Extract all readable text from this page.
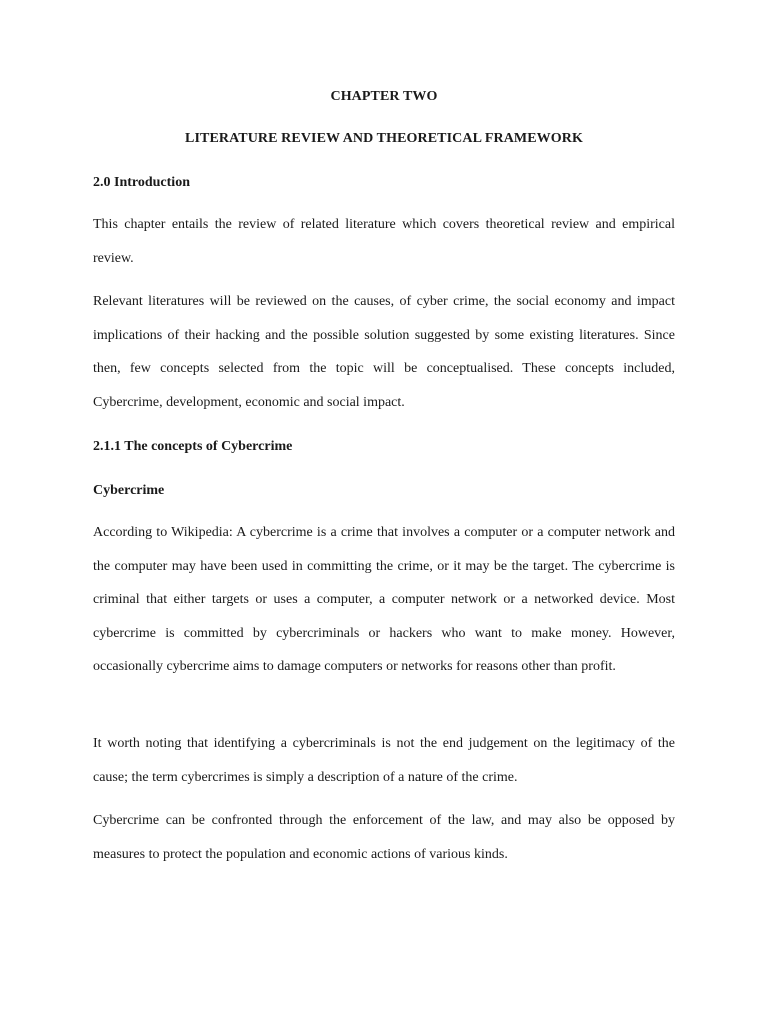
CHAPTER TWO
LITERATURE REVIEW AND THEORETICAL FRAMEWORK
2.0 Introduction
This chapter entails the review of related literature which covers theoretical review and empirical review.
Relevant literatures will be reviewed on the causes, of cyber crime, the social economy and impact implications of their hacking and the possible solution suggested by some existing literatures. Since then, few concepts selected from the topic will be conceptualised. These concepts included, Cybercrime, development, economic and social impact.
2.1.1 The concepts of Cybercrime
Cybercrime
According to Wikipedia: A cybercrime is a crime that involves a computer or a computer network and the computer may have been used in committing the crime, or it may be the target. The cybercrime is criminal that either targets or uses a computer, a computer network or a networked device. Most cybercrime is committed by cybercriminals or hackers who want to make money. However, occasionally cybercrime aims to damage computers or networks for reasons other than profit.
It worth noting that identifying a cybercriminals is not the end judgement on the legitimacy of the cause; the term cybercrimes is simply a description of a nature of the crime.
Cybercrime can be confronted through the enforcement of the law, and may also be opposed by measures to protect the population and economic actions of various kinds.
